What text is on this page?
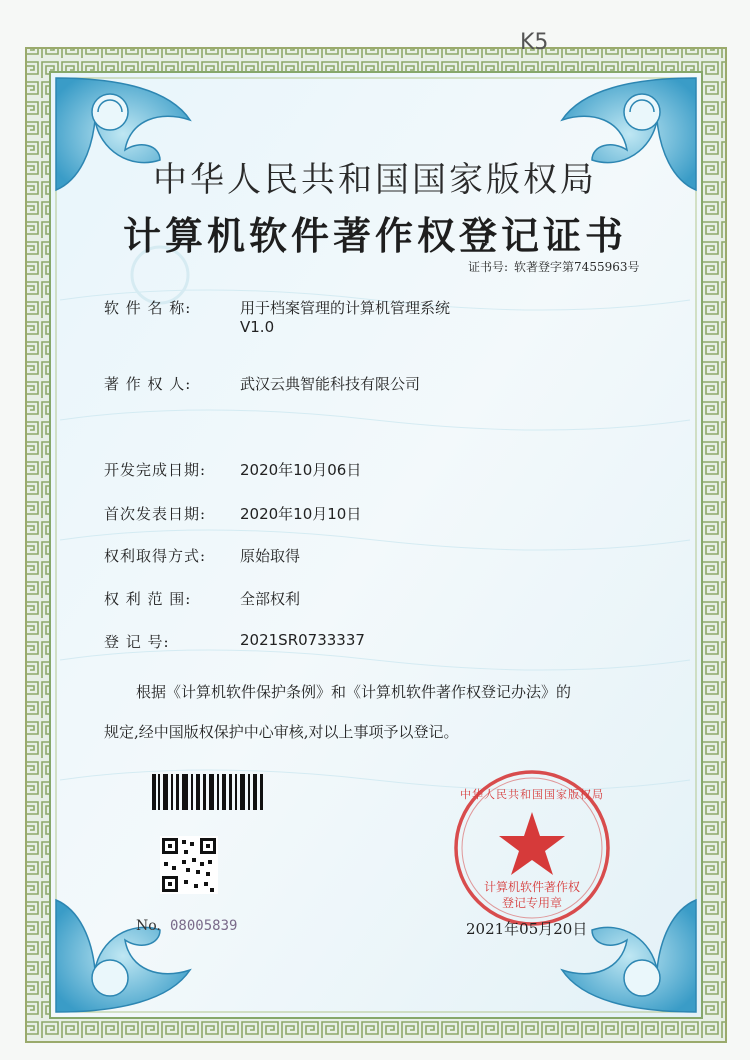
K5
中华人民共和国国家版权局
计算机软件著作权登记证书
证书号: 软著登字第7455963号
软 件 名 称:	用于档案管理的计算机管理系统
V1.0
著 作 权 人:	武汉云典智能科技有限公司
开发完成日期: 2020年10月06日
首次发表日期: 2020年10月10日
权利取得方式: 原始取得
权 利 范 围:	全部权利
登 记 号:	2021SR0733337
根据《计算机软件保护条例》和《计算机软件著作权登记办法》的
规定,经中国版权保护中心审核,对以上事项予以登记。
No. 08005839
计算机软件著作权
登记专用章
中华人民共和国国家版权局
2021年05月20日
